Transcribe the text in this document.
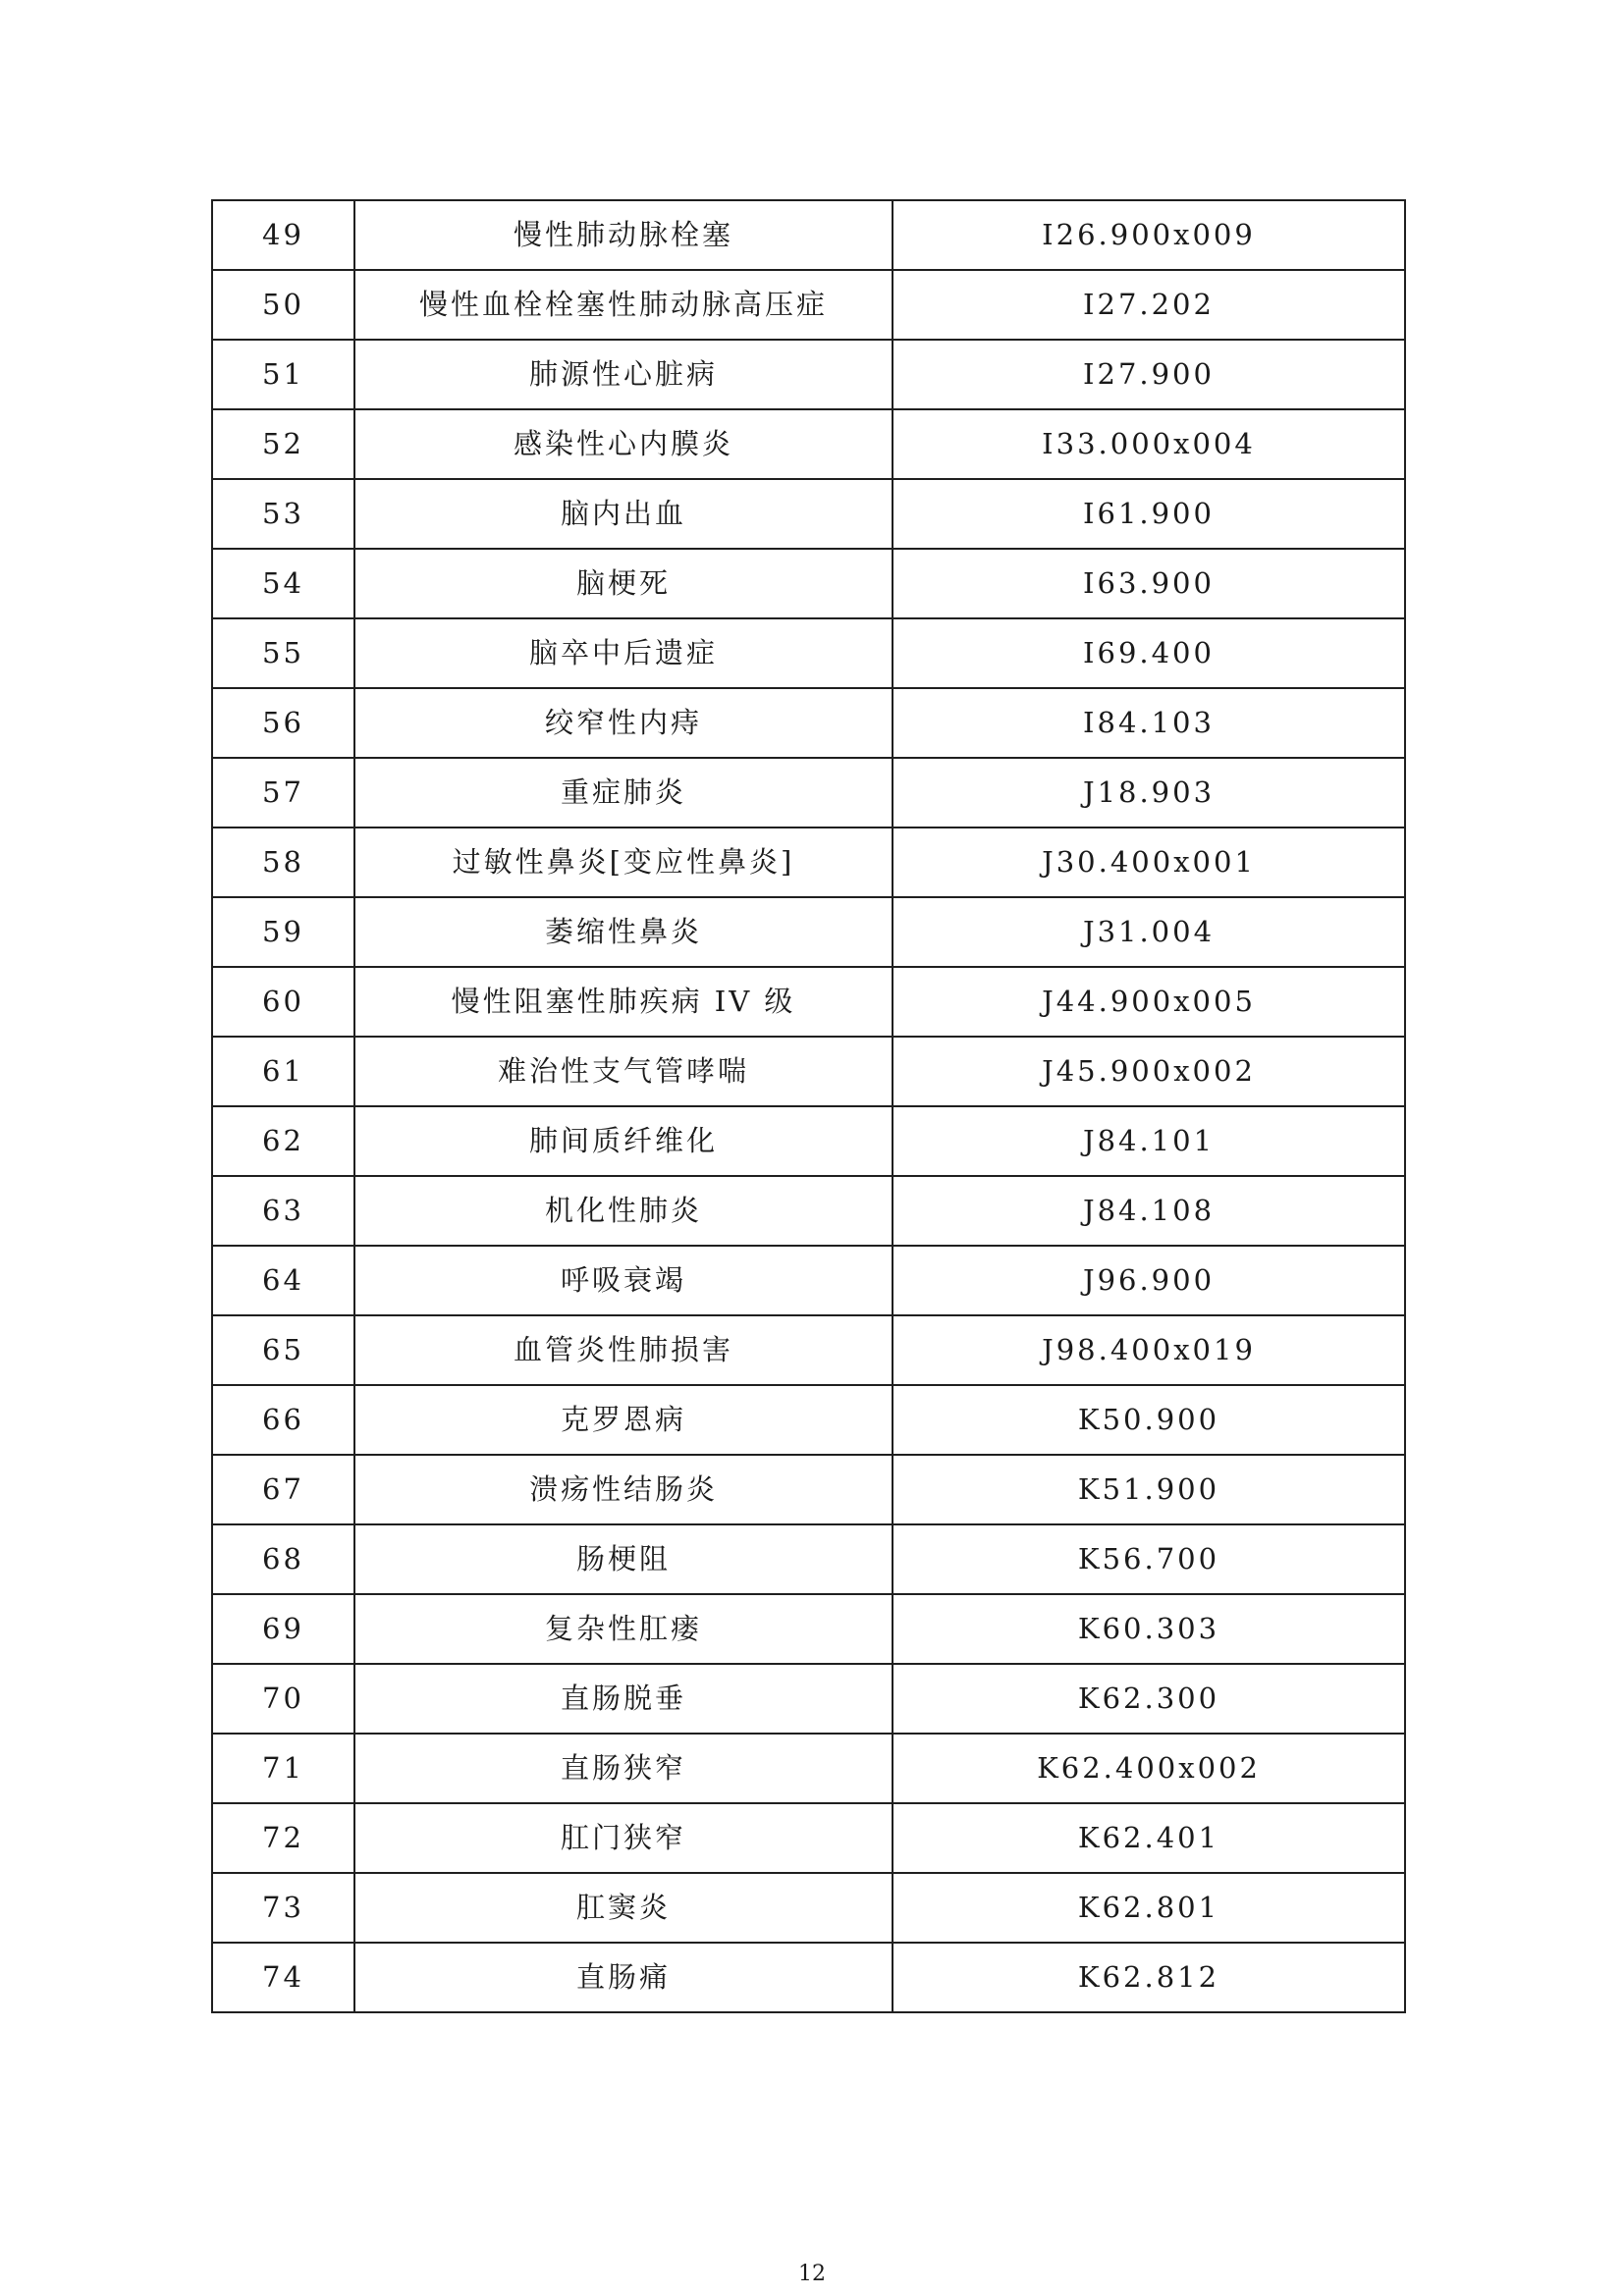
49	慢性肺动脉栓塞	I26.900x009
50	慢性血栓栓塞性肺动脉高压症	I27.202
51	肺源性心脏病	I27.900
52	感染性心内膜炎	I33.000x004
53	脑内出血	I61.900
54	脑梗死	I63.900
55	脑卒中后遗症	I69.400
56	绞窄性内痔	I84.103
57	重症肺炎	J18.903
58	过敏性鼻炎[变应性鼻炎]	J30.400x001
59	萎缩性鼻炎	J31.004
60	慢性阻塞性肺疾病 IV 级	J44.900x005
61	难治性支气管哮喘	J45.900x002
62	肺间质纤维化	J84.101
63	机化性肺炎	J84.108
64	呼吸衰竭	J96.900
65	血管炎性肺损害	J98.400x019
66	克罗恩病	K50.900
67	溃疡性结肠炎	K51.900
68	肠梗阻	K56.700
69	复杂性肛瘘	K60.303
70	直肠脱垂	K62.300
71	直肠狭窄	K62.400x002
72	肛门狭窄	K62.401
73	肛窦炎	K62.801
74	直肠痛	K62.812
12
